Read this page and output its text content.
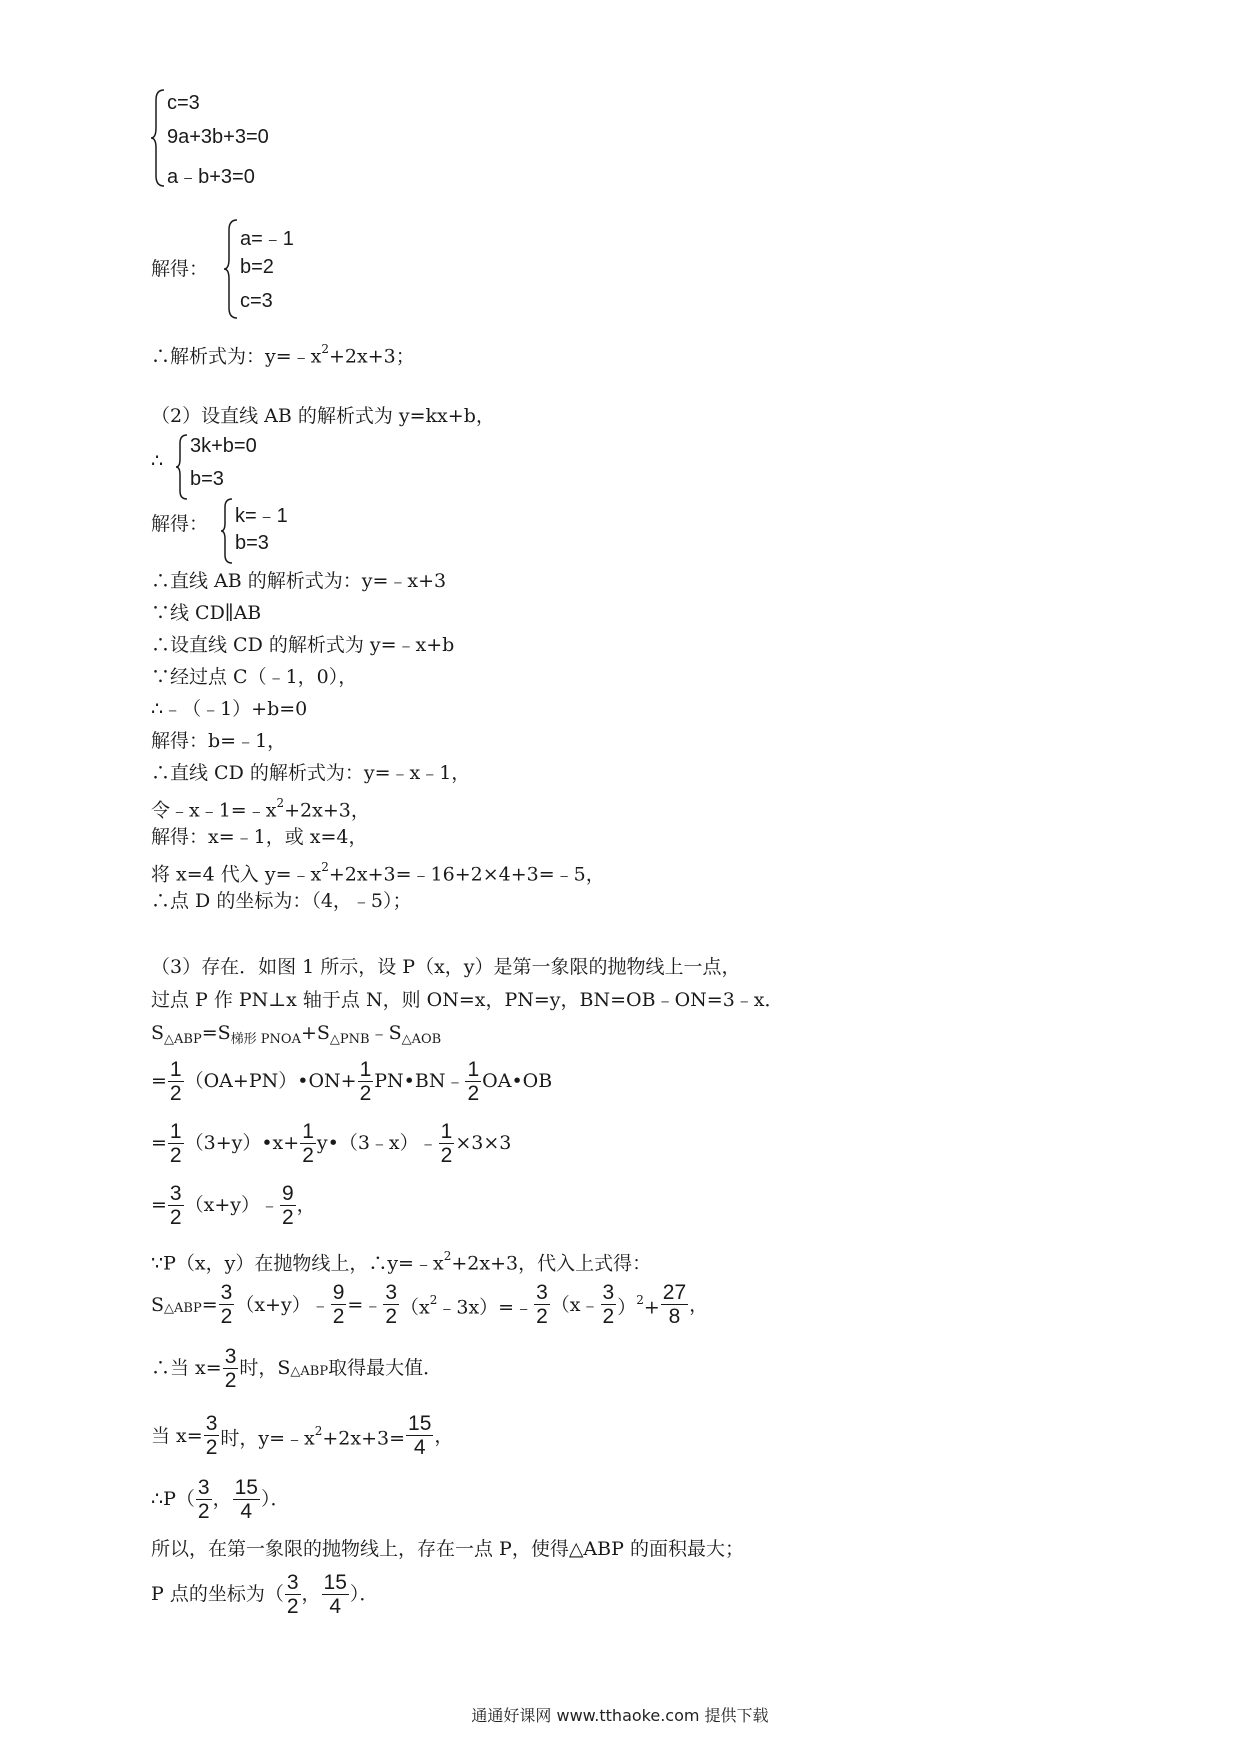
c=3
9a+3b+3=0
a﹣b+3=0
解得：
a=﹣1
b=2
c=3
∴解析式为：$y=﹣x^2+2x+3$；
（2）设直线 AB 的解析式为 y=kx+b，
∴
3k+b=0
b=3
解得： k=﹣1
b=3
∴直线 AB 的解析式为：y=﹣x+3
∵线 CD∥AB
∴设直线 CD 的解析式为 y=﹣x+b
∵经过点 C（﹣1，0），
∴﹣（﹣1）+b=0
解得：b=﹣1，
∴直线 CD 的解析式为：y=﹣x﹣1，
令$﹣x﹣1=﹣x^2+2x+3$，
解得：x=﹣1，或 x=4，
将 x=4 代入 $y=﹣x^2+2x+3=﹣16+2\times 4+3=﹣5$，
∴点 D 的坐标为：（4，﹣5）；
（3）存在．如图 1 所示，设 P（x，y）是第一象限的抛物线上一点，
过点 P 作 PN⊥x 轴于点 N，则 ON=x，PN=y，BN=OB﹣ON=3﹣x．
$S_{\triangle ABP}=S_{梯形 PNOA}+S_{\triangle PNB}﹣S_{\triangle AOB}$
= $\frac{1}{2}$ （OA+PN）•ON+ $\frac{1}{2}$ PN•BN﹣ $\frac{1}{2}$ OA•OB
= $\frac{1}{2}$ （3+y）•x+ $\frac{1}{2}$ y•（3﹣x）﹣ $\frac{1}{2} \times 3\times 3$
= $\frac{3}{2}$ （x+y）﹣ $\frac{9}{2}$ ，
∵P（x，y）在抛物线上，$\therefore y=﹣x^2+2x+3$，代入上式得：
S△ABP= $\frac{3}{2}$ （x+y）﹣ $\frac{9}{2}$ =﹣ $\frac{3}{2}$ $(x^2﹣3x)=﹣ \frac{3}{2}$ （x﹣ $\frac{3}{2} )^2+ \frac{27}{8}$ ，
∴当 $x= \frac{3}{2}$ 时，S△ABP取得最大值．
当 $x= \frac{3}{2}$ 时，$y=﹣x^2+2x+3= \frac{15}{4}$ ，
∴P（ $\frac{3}{2}$ ， $\frac{15}{4}$ ）．
所以，在第一象限的抛物线上，存在一点 P，使得△ABP 的面积最大；
P 点的坐标为（ $\frac{3}{2}$ ， $\frac{15}{4}$ ）．
通通好课网 www.tthaoke.com 提供下载
